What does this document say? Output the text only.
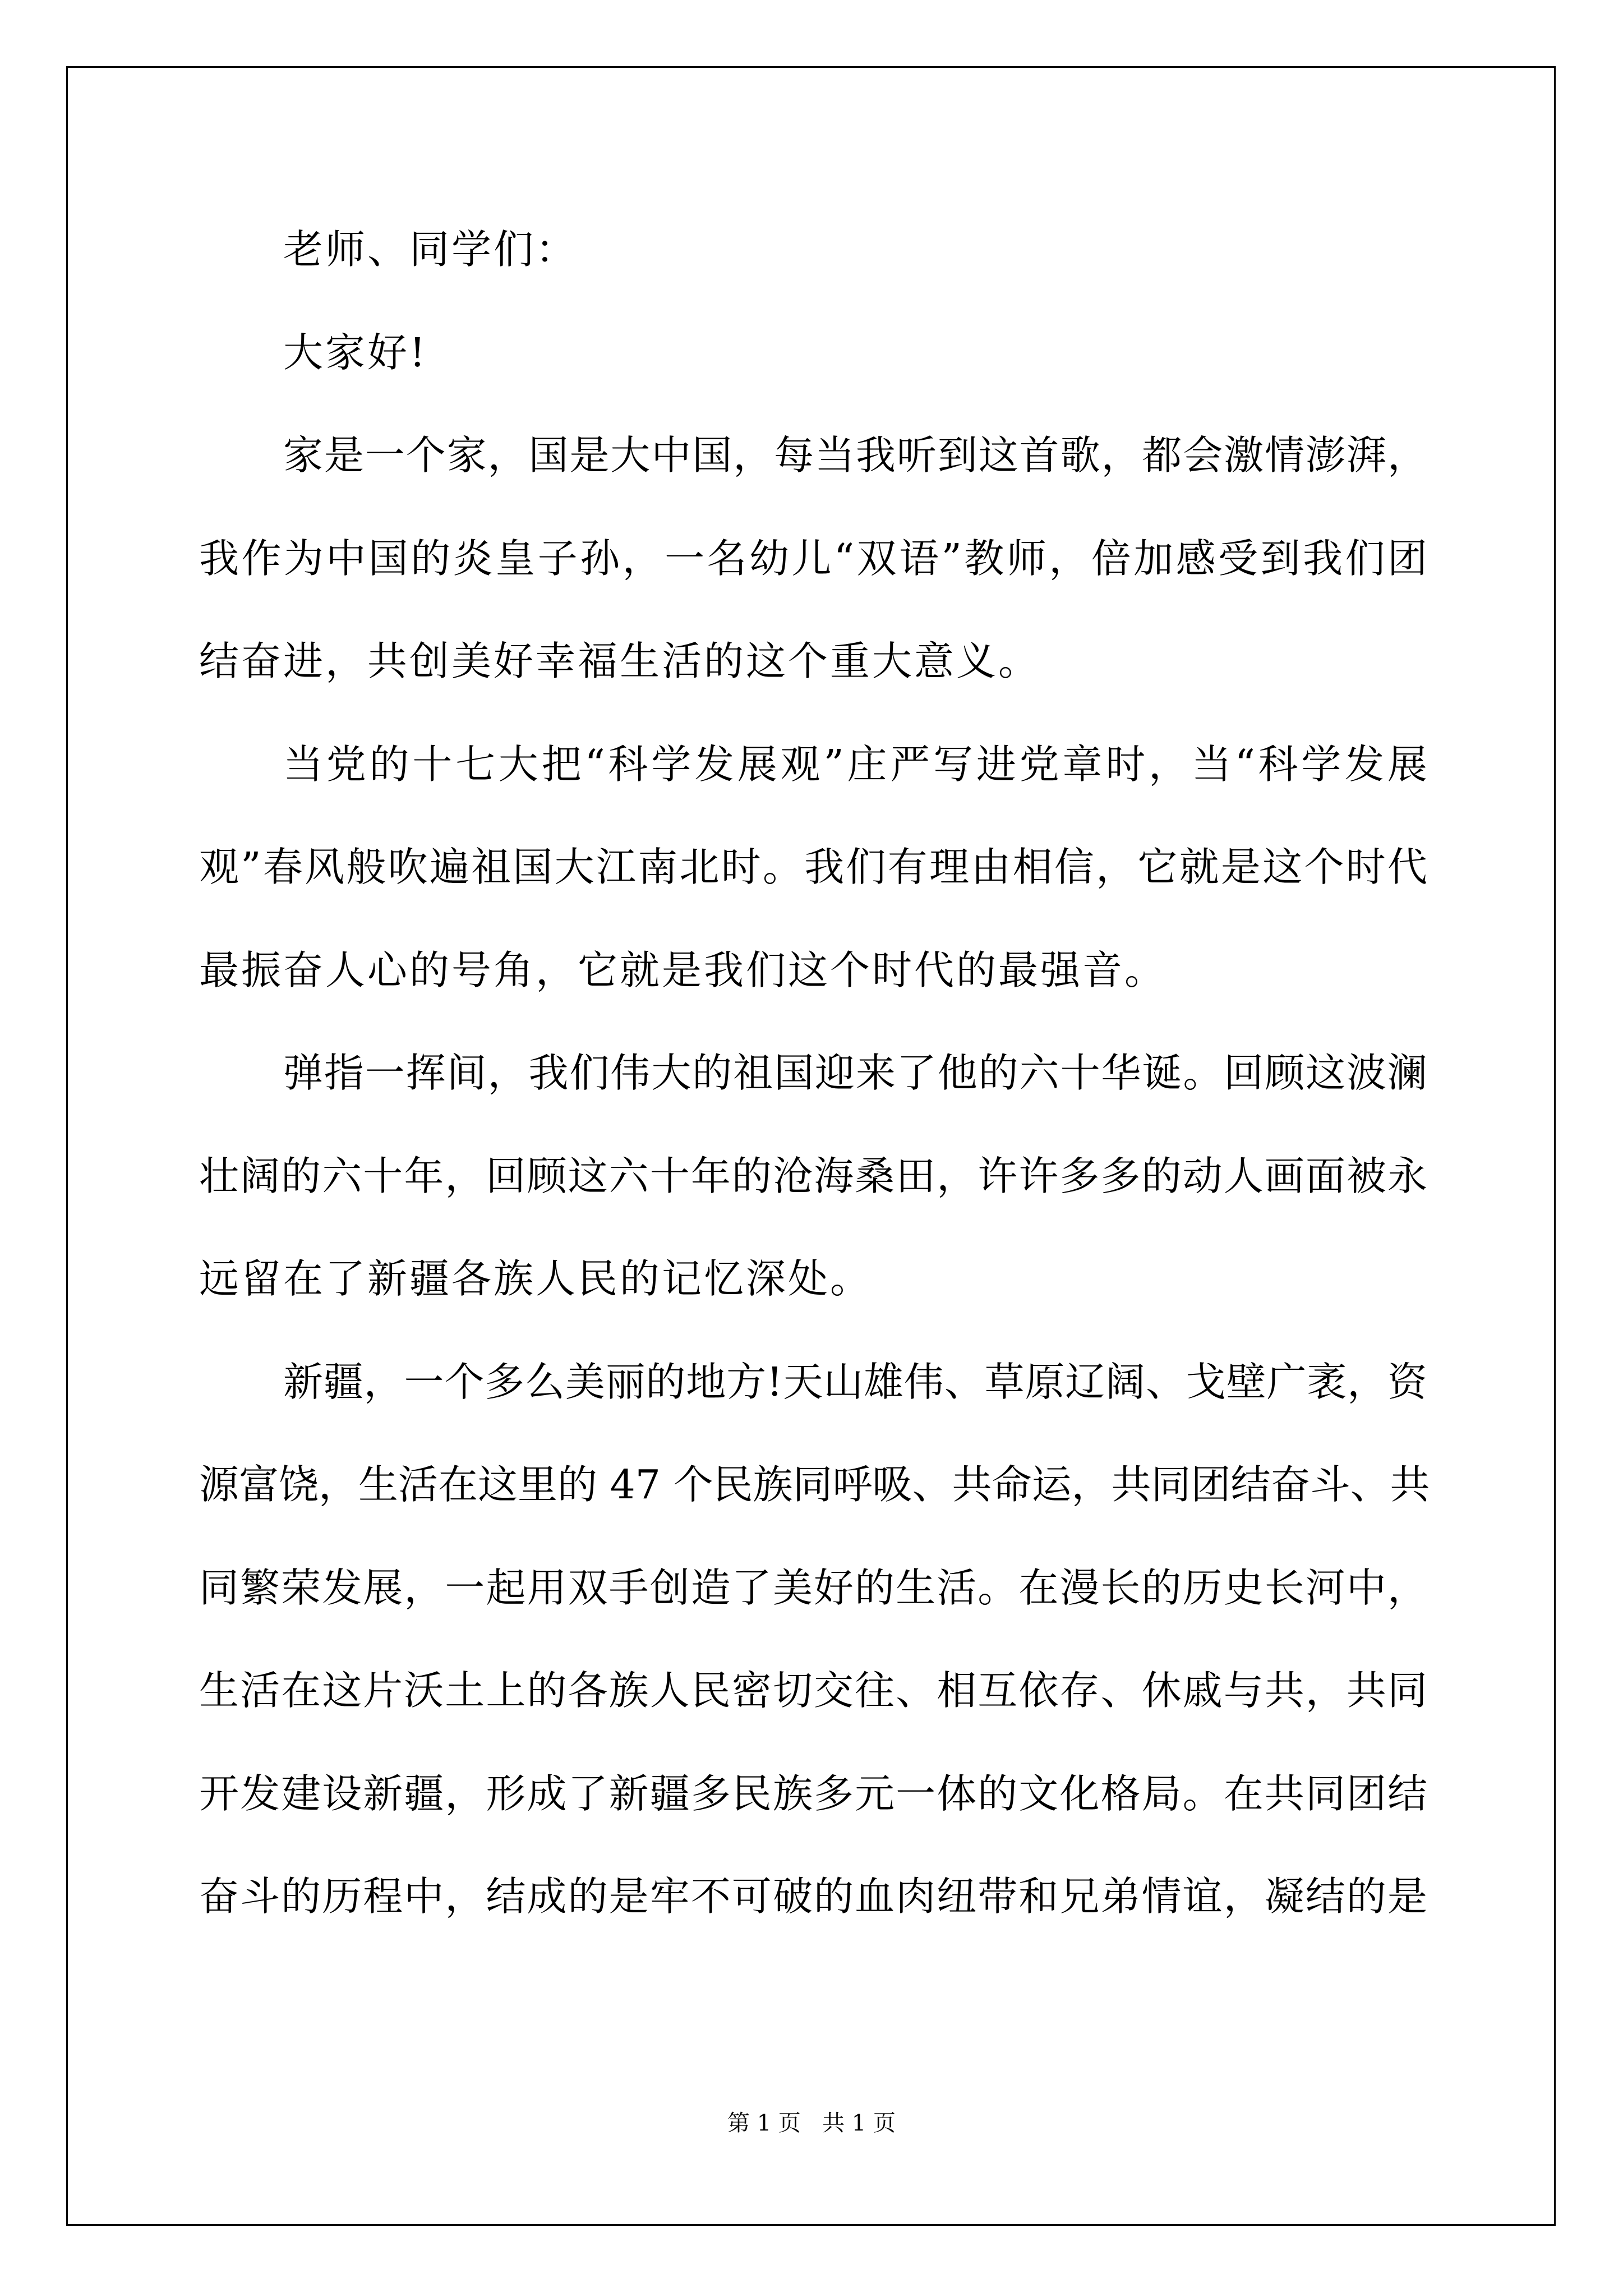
老师、同学们：
大家好!
家是一个家，国是大中国，每当我听到这首歌，都会激情澎湃，
我作为中国的炎皇子孙，一名幼儿“双语”教师，倍加感受到我们团
结奋进，共创美好幸福生活的这个重大意义。
当党的十七大把“科学发展观”庄严写进党章时，当“科学发展
观”春风般吹遍祖国大江南北时。我们有理由相信，它就是这个时代
最振奋人心的号角，它就是我们这个时代的最强音。
弹指一挥间，我们伟大的祖国迎来了他的六十华诞。回顾这波澜
壮阔的六十年，回顾这六十年的沧海桑田，许许多多的动人画面被永
远留在了新疆各族人民的记忆深处。
新疆，一个多么美丽的地方!天山雄伟、草原辽阔、戈壁广袤，资
源富饶，生活在这里的 47 个民族同呼吸、共命运，共同团结奋斗、共
同繁荣发展，一起用双手创造了美好的生活。在漫长的历史长河中，
生活在这片沃土上的各族人民密切交往、相互依存、休戚与共，共同
开发建设新疆，形成了新疆多民族多元一体的文化格局。在共同团结
奋斗的历程中，结成的是牢不可破的血肉纽带和兄弟情谊，凝结的是
第 1 页   共 1 页
